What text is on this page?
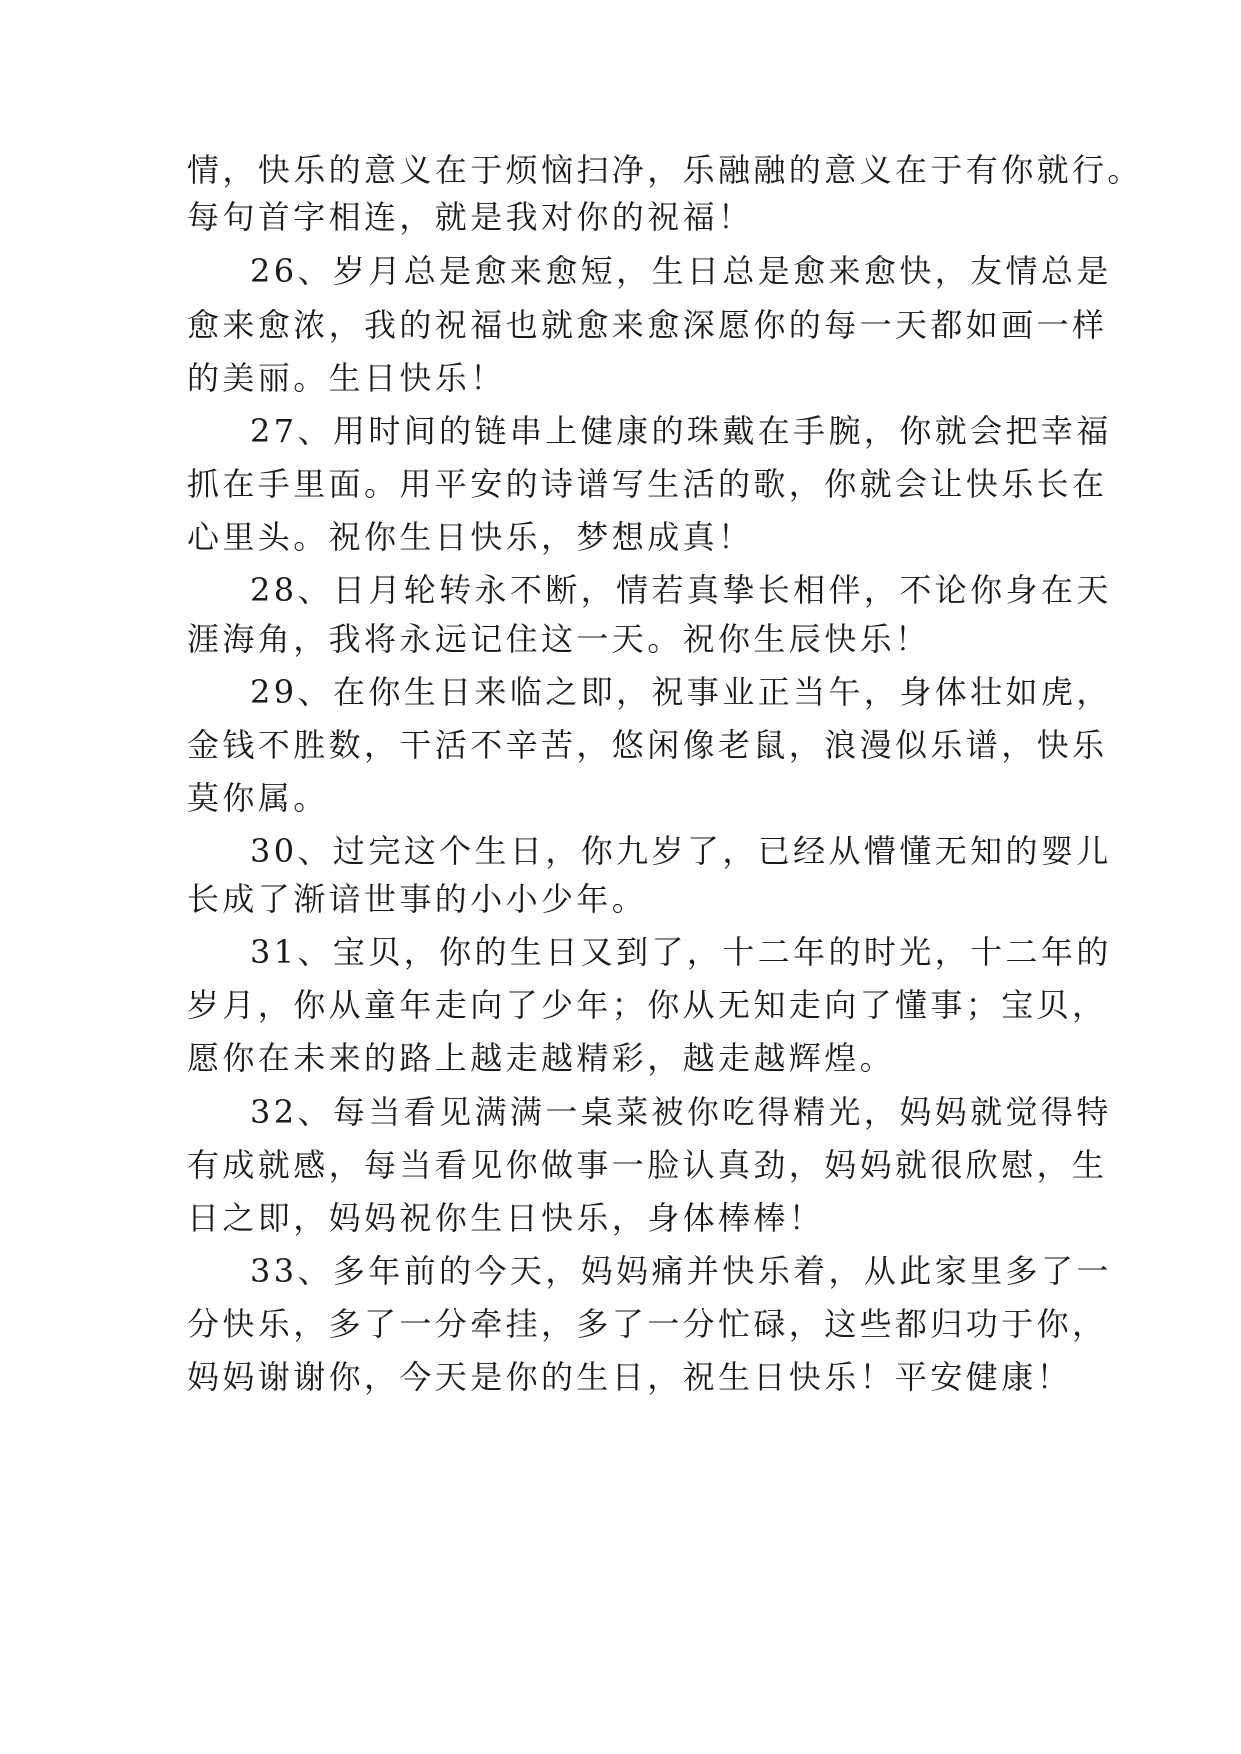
情，快乐的意义在于烦恼扫净，乐融融的意义在于有你就行。
每句首字相连，就是我对你的祝福！
26、岁月总是愈来愈短，生日总是愈来愈快，友情总是
愈来愈浓，我的祝福也就愈来愈深愿你的每一天都如画一样
的美丽。生日快乐！
27、用时间的链串上健康的珠戴在手腕，你就会把幸福
抓在手里面。用平安的诗谱写生活的歌，你就会让快乐长在
心里头。祝你生日快乐，梦想成真！
28、日月轮转永不断，情若真挚长相伴，不论你身在天
涯海角，我将永远记住这一天。祝你生辰快乐！
29、在你生日来临之即，祝事业正当午，身体壮如虎，
金钱不胜数，干活不辛苦，悠闲像老鼠，浪漫似乐谱，快乐
莫你属。
30、过完这个生日，你九岁了，已经从懵懂无知的婴儿
长成了渐谙世事的小小少年。
31、宝贝，你的生日又到了，十二年的时光，十二年的
岁月，你从童年走向了少年；你从无知走向了懂事；宝贝，
愿你在未来的路上越走越精彩，越走越辉煌。
32、每当看见满满一桌菜被你吃得精光，妈妈就觉得特
有成就感，每当看见你做事一脸认真劲，妈妈就很欣慰，生
日之即，妈妈祝你生日快乐，身体棒棒！
33、多年前的今天，妈妈痛并快乐着，从此家里多了一
分快乐，多了一分牵挂，多了一分忙碌，这些都归功于你，
妈妈谢谢你，今天是你的生日，祝生日快乐！平安健康！
